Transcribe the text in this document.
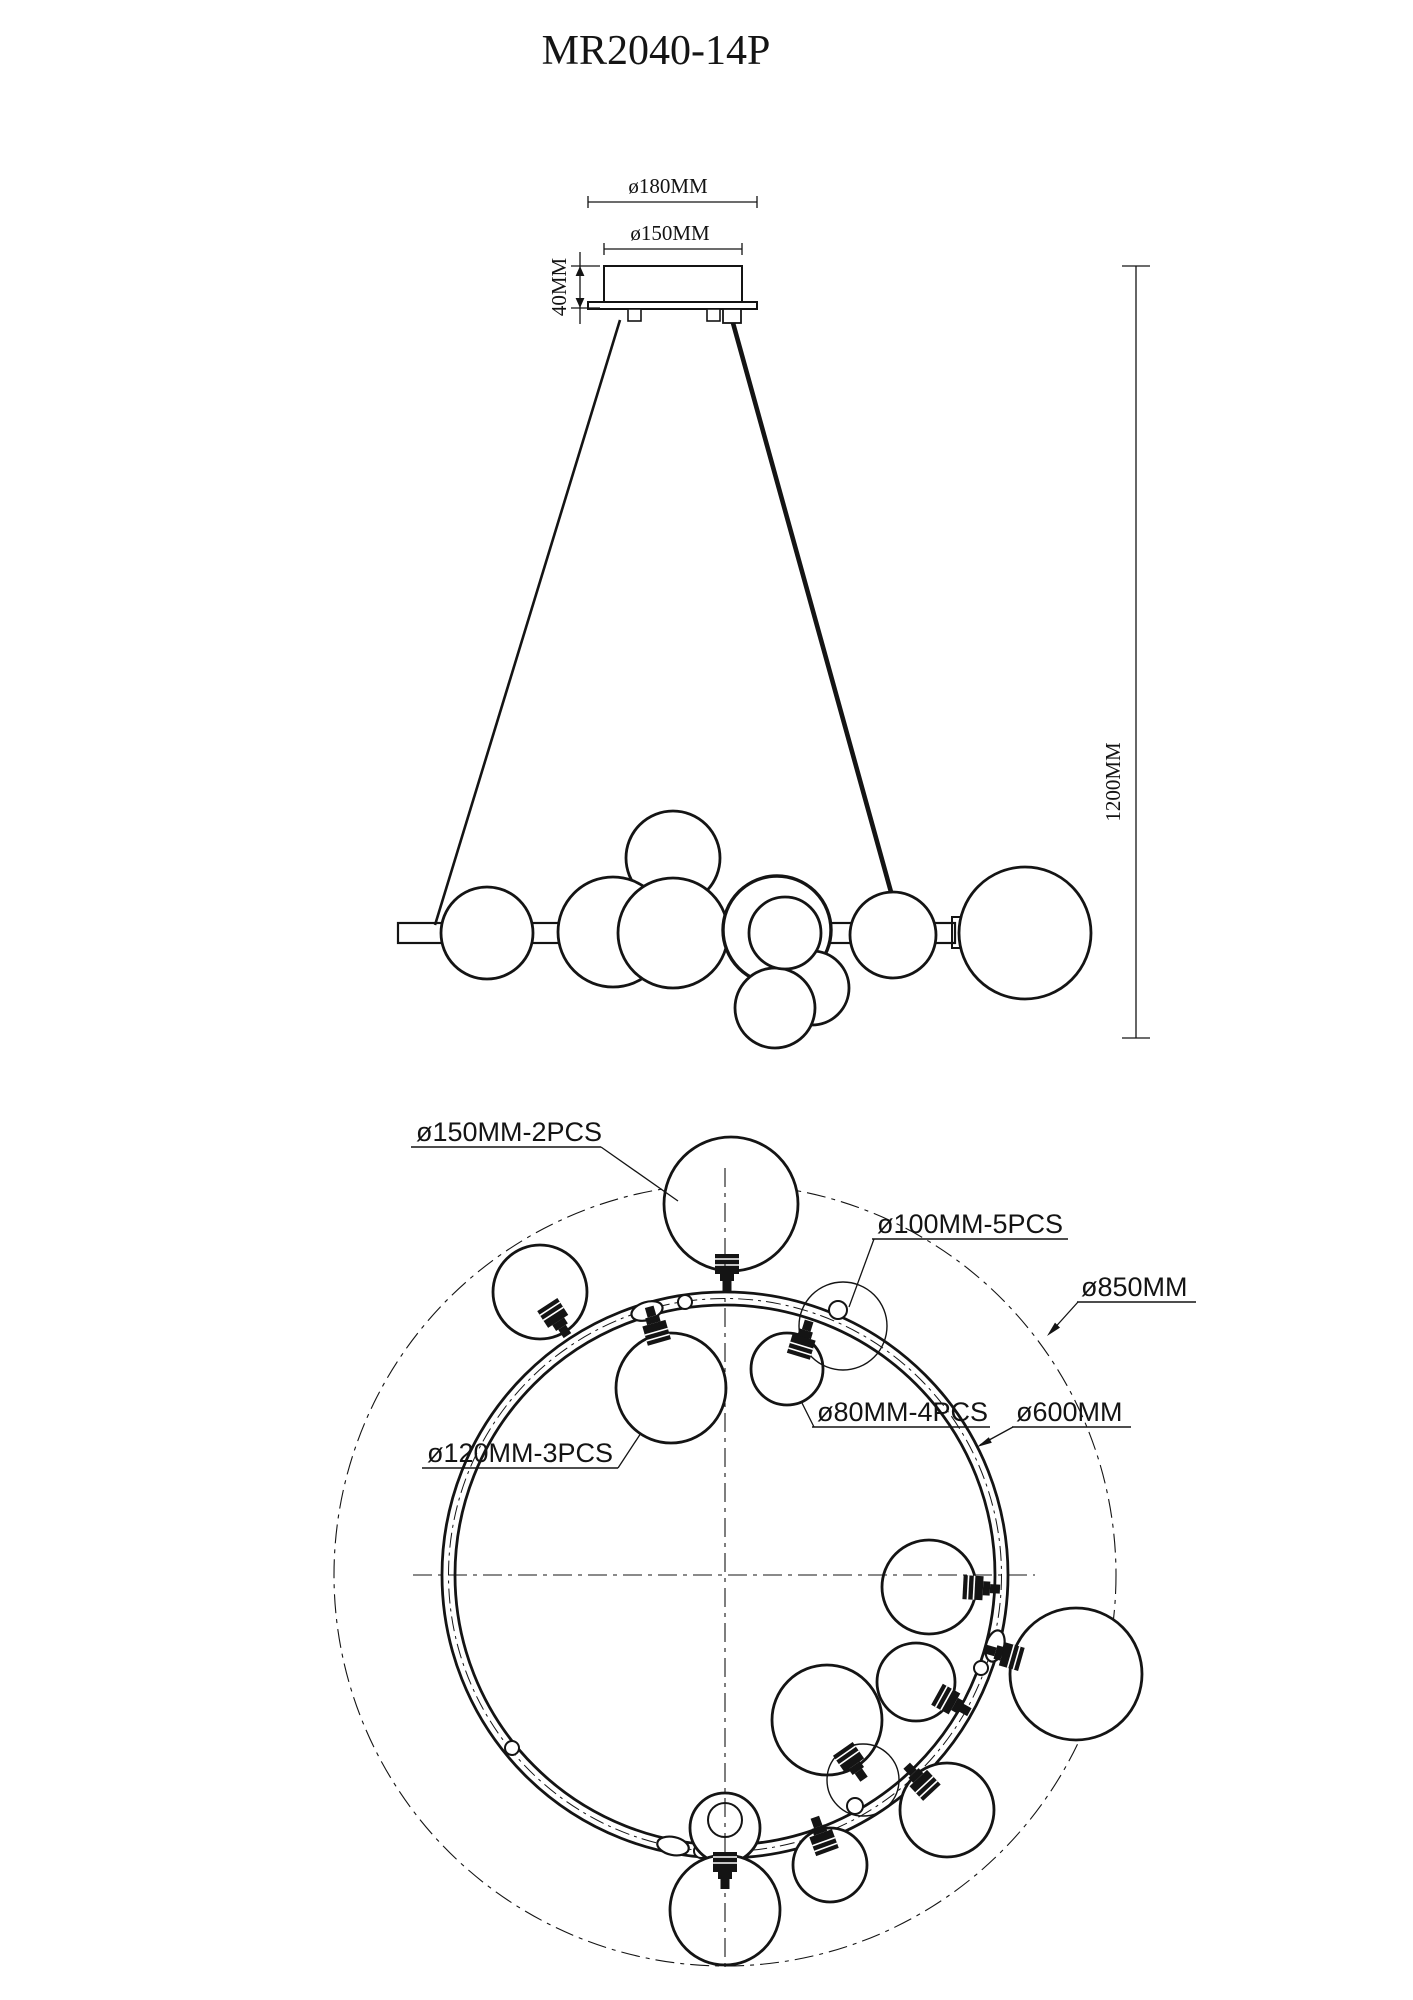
MR2040-14P
ø180MM
ø150MM
40MM
1200MM
ø150MM-2PCS
ø100MM-5PCS
ø850MM
ø80MM-4PCS ø600MM
ø120MM-3PCS
